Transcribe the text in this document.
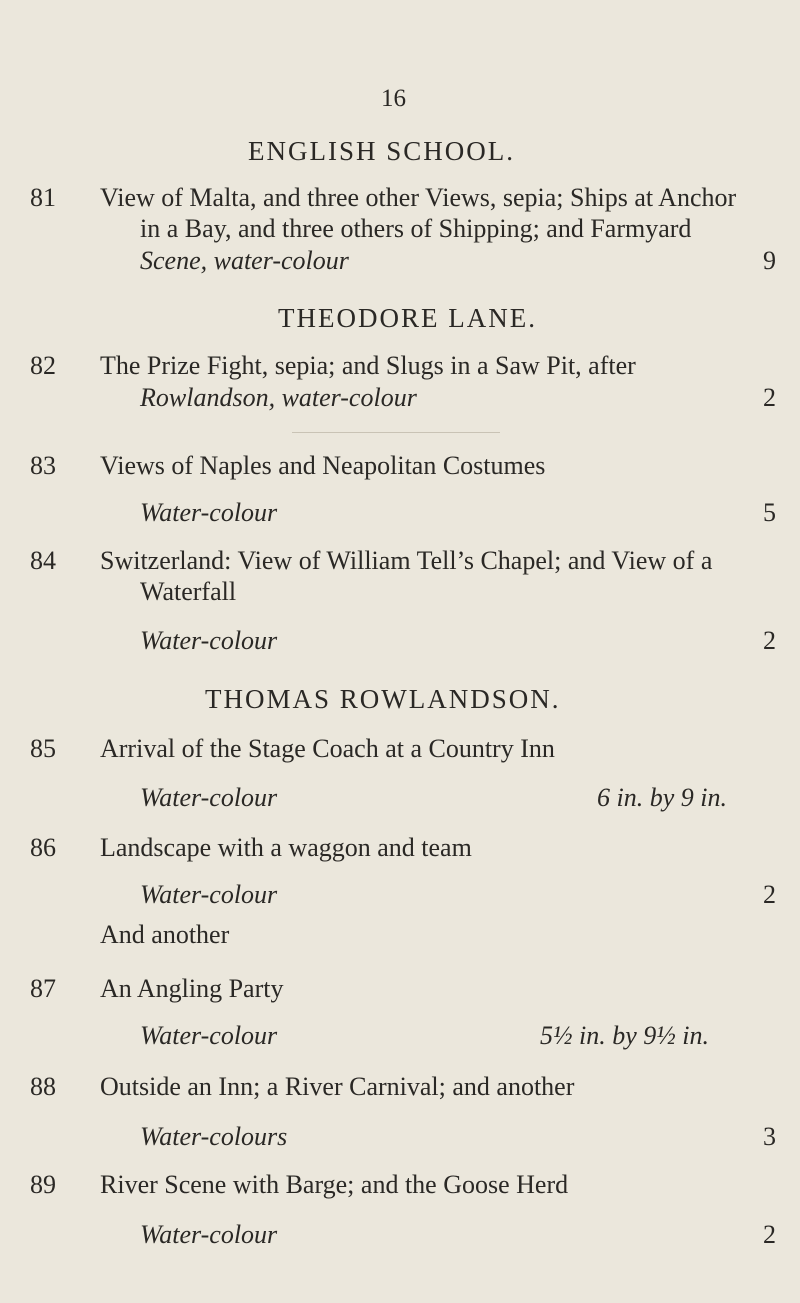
16
ENGLISH SCHOOL.
81 View of Malta, and three other Views, sepia; Ships at Anchor
in a Bay, and three others of Shipping; and Farmyard
Scene, water-colour	9
THEODORE LANE.
82 The Prize Fight, sepia; and Slugs in a Saw Pit, after
Rowlandson, water-colour	2
83 Views of Naples and Neapolitan Costumes
Water-colour	5
84 Switzerland: View of William Tell’s Chapel; and View of a
Waterfall
Water-colour	2
THOMAS ROWLANDSON.
85 Arrival of the Stage Coach at a Country Inn
Water-colour	6 in. by 9 in.
86 Landscape with a waggon and team
Water-colour	2
And another
87 An Angling Party
Water-colour	5½ in. by 9½ in.
88 Outside an Inn; a River Carnival; and another
Water-colours	3
89 River Scene with Barge; and the Goose Herd
Water-colour	2
